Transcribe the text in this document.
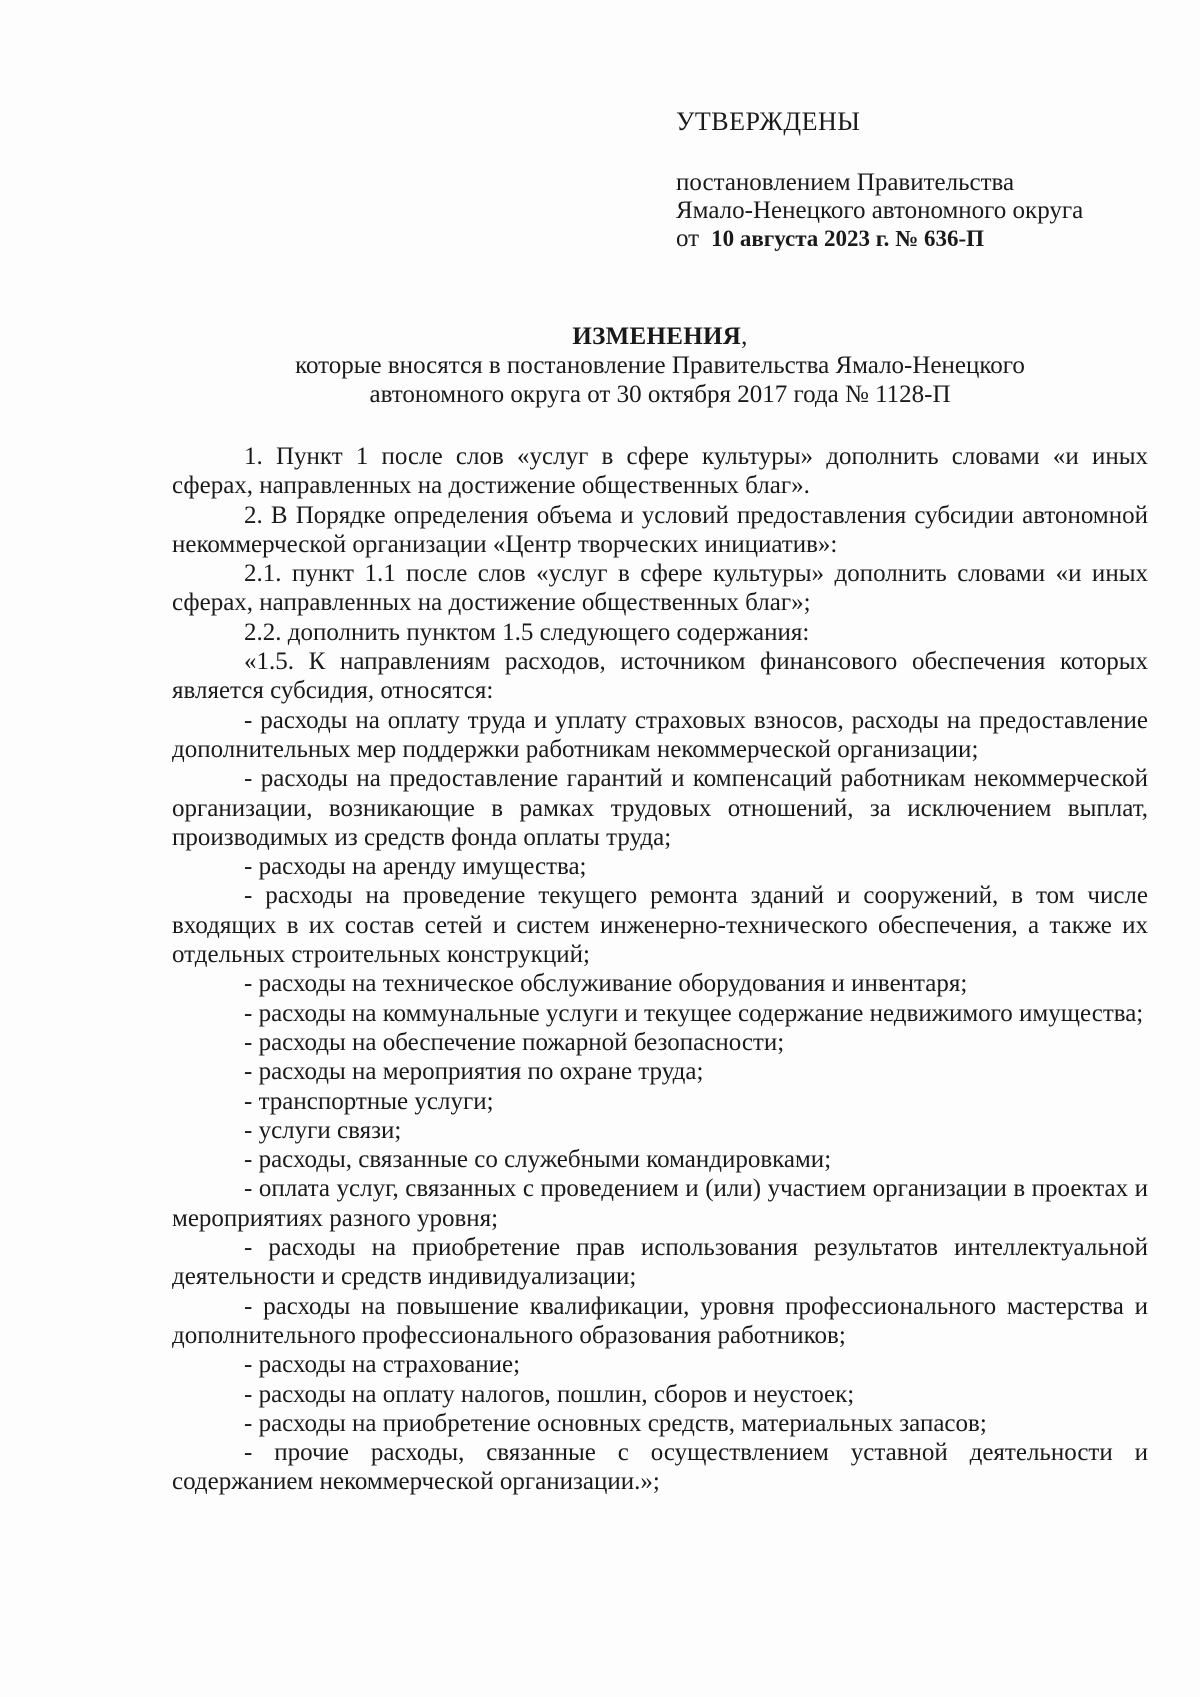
УТВЕРЖДЕНЫ
постановлением Правительства
Ямало-Ненецкого автономного округа
от 10 августа 2023 г. № 636-П
ИЗМЕНЕНИЯ,
которые вносятся в постановление Правительства Ямало-Ненецкого
автономного округа от 30 октября 2017 года № 1128-П

1. Пункт 1 после слов «услуг в сфере культуры» дополнить словами «и иных сферах, направленных на достижение общественных благ».

2. В Порядке определения объема и условий предоставления субсидии автономной некоммерческой организации «Центр творческих инициатив»:

2.1. пункт 1.1 после слов «услуг в сфере культуры» дополнить словами «и иных сферах, направленных на достижение общественных благ»;

2.2. дополнить пунктом 1.5 следующего содержания:

«1.5. К направлениям расходов, источником финансового обеспечения которых является субсидия, относятся:

- расходы на оплату труда и уплату страховых взносов, расходы на предоставление дополнительных мер поддержки работникам некоммерческой организации;

- расходы на предоставление гарантий и компенсаций работникам некоммерческой организации, возникающие в рамках трудовых отношений, за исключением выплат, производимых из средств фонда оплаты труда;

- расходы на аренду имущества;

- расходы на проведение текущего ремонта зданий и сооружений, в том числе входящих в их состав сетей и систем инженерно-технического обеспечения, а также их отдельных строительных конструкций;

- расходы на техническое обслуживание оборудования и инвентаря;

- расходы на коммунальные услуги и текущее содержание недвижимого имущества;

- расходы на обеспечение пожарной безопасности;

- расходы на мероприятия по охране труда;

- транспортные услуги;

- услуги связи;

- расходы, связанные со служебными командировками;

- оплата услуг, связанных с проведением и (или) участием организации в проектах и мероприятиях разного уровня;

- расходы на приобретение прав использования результатов интеллектуальной деятельности и средств индивидуализации;

- расходы на повышение квалификации, уровня профессионального мастерства и дополнительного профессионального образования работников;

- расходы на страхование;

- расходы на оплату налогов, пошлин, сборов и неустоек;

- расходы на приобретение основных средств, материальных запасов;

- прочие расходы, связанные с осуществлением уставной деятельности и содержанием некоммерческой организации.»;
